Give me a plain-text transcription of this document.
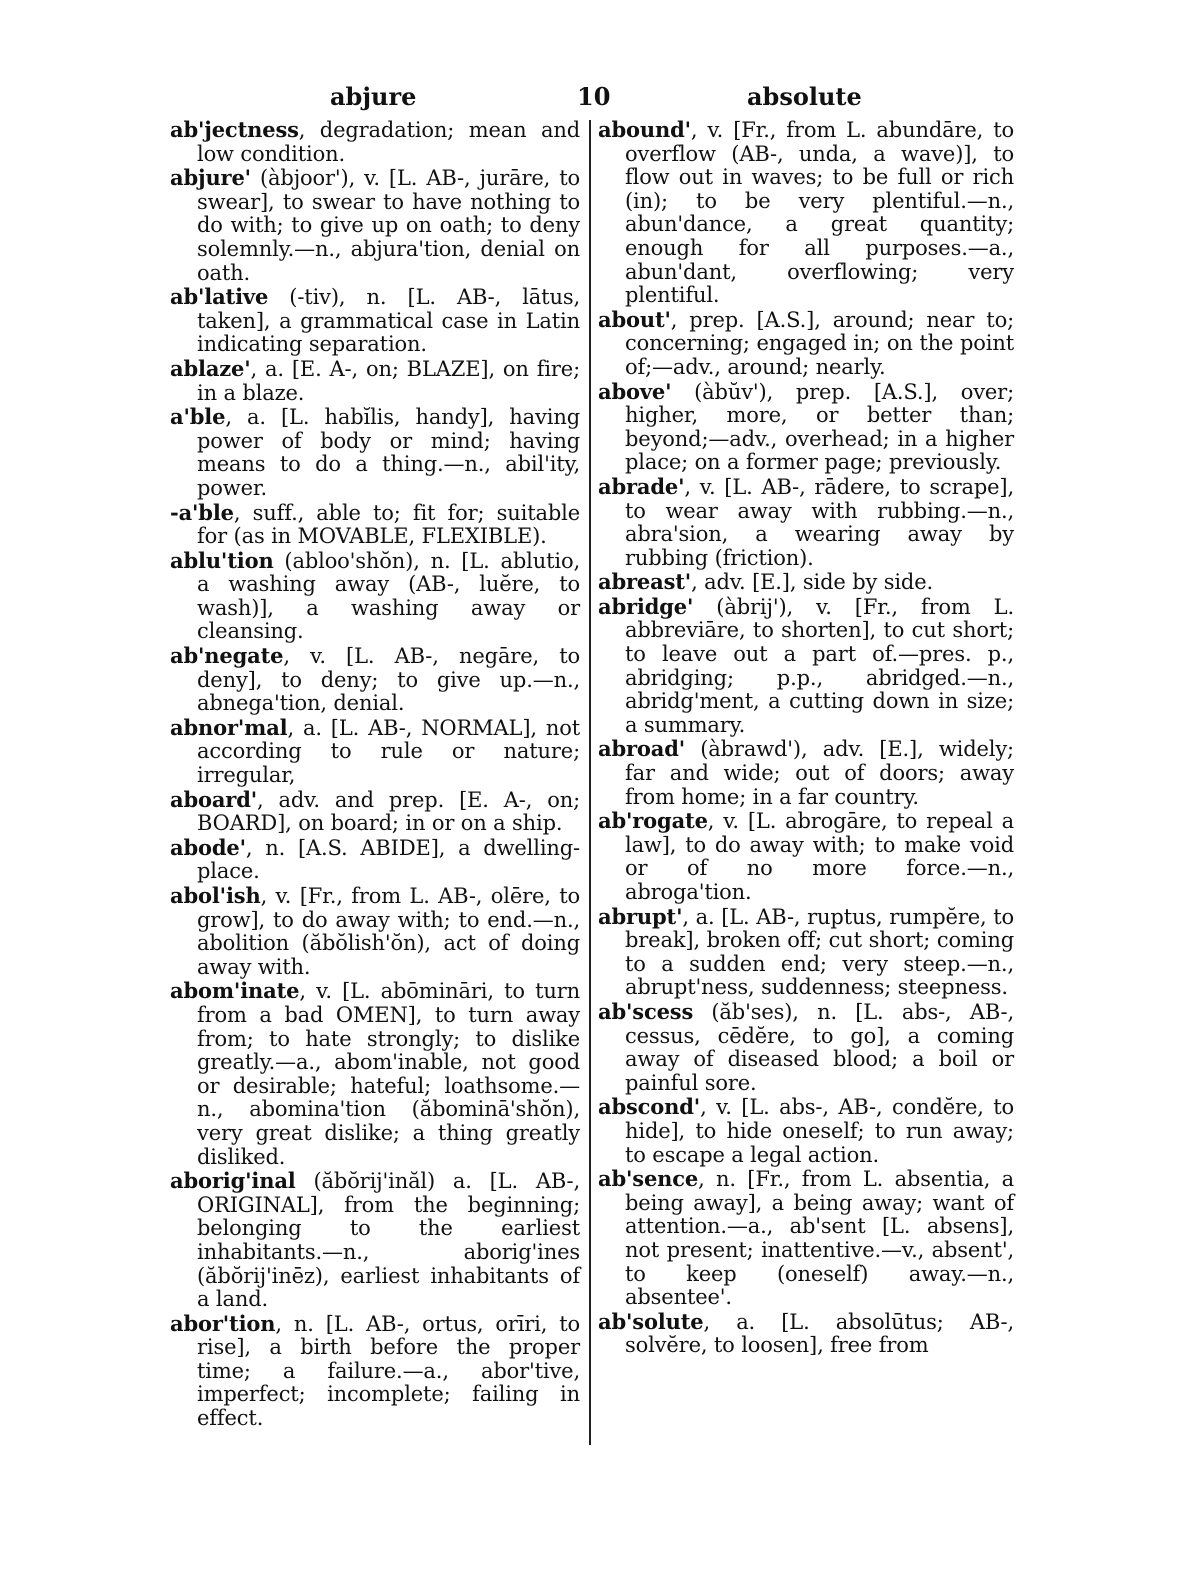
abjure	10	absolute

ab'jectness, degradation; mean and low condition.

abjure' (àbjoor'), v. [L. AB-, jurāre, to swear], to swear to have nothing to do with; to give up on oath; to deny solemnly.—n., abjura'tion, denial on oath.

ab'lative (-tiv), n. [L. AB-, lātus, taken], a grammatical case in Latin indicating separation.

ablaze', a. [E. A-, on; BLAZE], on fire; in a blaze.

a'ble, a. [L. habĭlis, handy], having power of body or mind; having means to do a thing.—n., abil'ity, power.

-a'ble, suff., able to; fit for; suitable for (as in MOVABLE, FLEXIBLE).

ablu'tion (abloo'shŏn), n. [L. ablutio, a washing away (AB-, luĕre, to wash)], a washing away or cleansing.

ab'negate, v. [L. AB-, negāre, to deny], to deny; to give up.—n., abnega'tion, denial.

abnor'mal, a. [L. AB-, NORMAL], not according to rule or nature; irregular,

aboard', adv. and prep. [E. A-, on; BOARD], on board; in or on a ship.

abode', n. [A.S. ABIDE], a dwelling-place.

abol'ish, v. [Fr., from L. AB-, olēre, to grow], to do away with; to end.—n., abolition (ăbŏlish'ŏn), act of doing away with.

abom'inate, v. [L. abōmināri, to turn from a bad OMEN], to turn away from; to hate strongly; to dislike greatly.—a., abom'inable, not good or desirable; hateful; loathsome.—n., abomina'tion (ăbominā'shŏn), very great dislike; a thing greatly disliked.

aborig'inal (ăbŏrij'inăl) a. [L. AB-, ORIGINAL], from the beginning; belonging to the earliest inhabitants.—n., aborig'ines (ăbŏrij'inēz), earliest inhabitants of a land.

abor'tion, n. [L. AB-, ortus, orīri, to rise], a birth before the proper time; a failure.—a., abor'tive, imperfect; incomplete; failing in effect.

abound', v. [Fr., from L. abundāre, to overflow (AB-, unda, a wave)], to flow out in waves; to be full or rich (in); to be very plentiful.—n., abun'dance, a great quantity; enough for all purposes.—a., abun'dant, overflowing; very plentiful.

about', prep. [A.S.], around; near to; concerning; engaged in; on the point of;—adv., around; nearly.

above' (àbŭv'), prep. [A.S.], over; higher, more, or better than; beyond;—adv., overhead; in a higher place; on a former page; previously.

abrade', v. [L. AB-, rādere, to scrape], to wear away with rubbing.—n., abra'sion, a wearing away by rubbing (friction).

abreast', adv. [E.], side by side.

abridge' (àbrij'), v. [Fr., from L. abbreviāre, to shorten], to cut short; to leave out a part of.—pres. p., abridging; p.p., abridged.—n., abridg'ment, a cutting down in size; a summary.

abroad' (àbrawd'), adv. [E.], widely; far and wide; out of doors; away from home; in a far country.

ab'rogate, v. [L. abrogāre, to repeal a law], to do away with; to make void or of no more force.—n., abroga'tion.

abrupt', a. [L. AB-, ruptus, rumpĕre, to break], broken off; cut short; coming to a sudden end; very steep.—n., abrupt'ness, suddenness; steepness.

ab'scess (ăb'ses), n. [L. abs-, AB-, cessus, cēdĕre, to go], a coming away of diseased blood; a boil or painful sore.

abscond', v. [L. abs-, AB-, condĕre, to hide], to hide oneself; to run away; to escape a legal action.

ab'sence, n. [Fr., from L. absentia, a being away], a being away; want of attention.—a., ab'sent [L. absens], not present; inattentive.—v., absent', to keep (oneself) away.—n., absentee'.

ab'solute, a. [L. absolūtus; AB-, solvĕre, to loosen], free from
